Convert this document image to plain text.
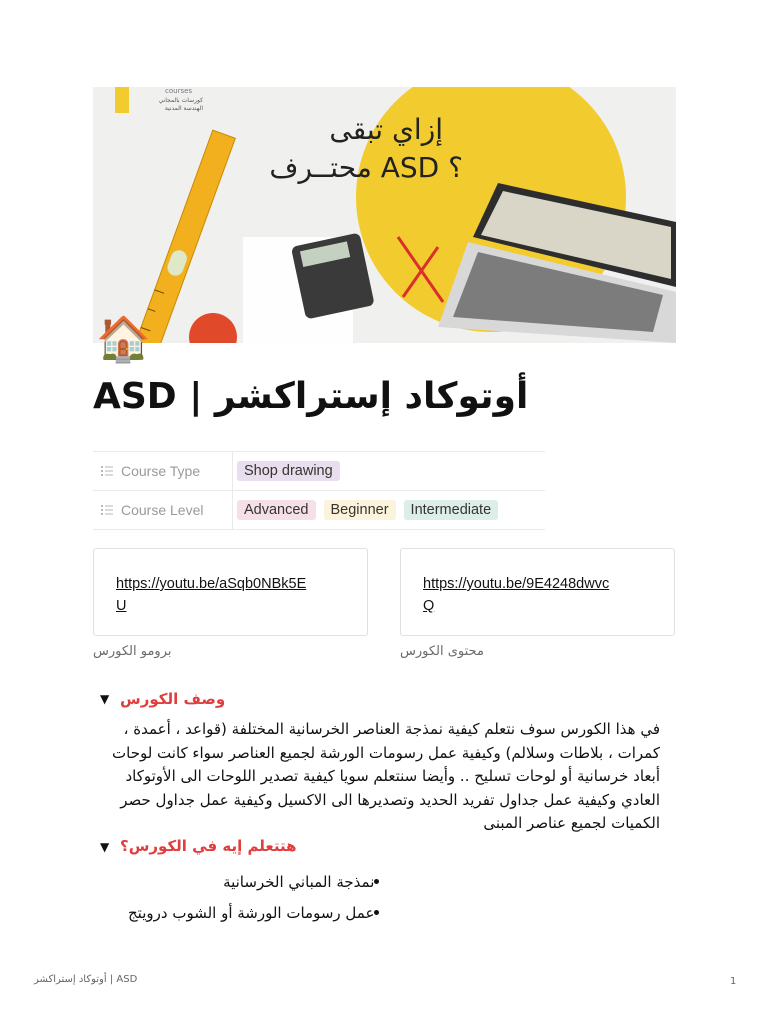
courses
كورسات بالمجاني
الهندسة المدنية
إزاي تبقى
محتــرف ASD ؟
🏠
ASD | أوتوكاد إستراكشر
Course Type	Shop drawing
Course Level	Advanced	Beginner	Intermediate
https://youtu.be/aSqb0NBk5E
U
https://youtu.be/9E4248dwvc
Q
برومو الكورس	محتوى الكورس
▼ وصف الكورس
في هذا الكورس سوف نتعلم كيفية نمذجة العناصر الخرسانية المختلفة (قواعد ، أعمدة ، كمرات ، بلاطات وسلالم) وكيفية عمل رسومات الورشة لجميع العناصر سواء كانت لوحات أبعاد خرسانية أو لوحات تسليح .. وأيضا سنتعلم سويا كيفية تصدير اللوحات الى الأوتوكاد العادي وكيفية عمل جداول تفريد الحديد وتصديرها الى الاكسيل وكيفية عمل جداول حصر الكميات لجميع عناصر المبنى
▼ هتتعلم إيه في الكورس؟
نمذجة المباني الخرسانية
عمل رسومات الورشة أو الشوب درويتج
ASD | أوتوكاد إستراكشر	1
